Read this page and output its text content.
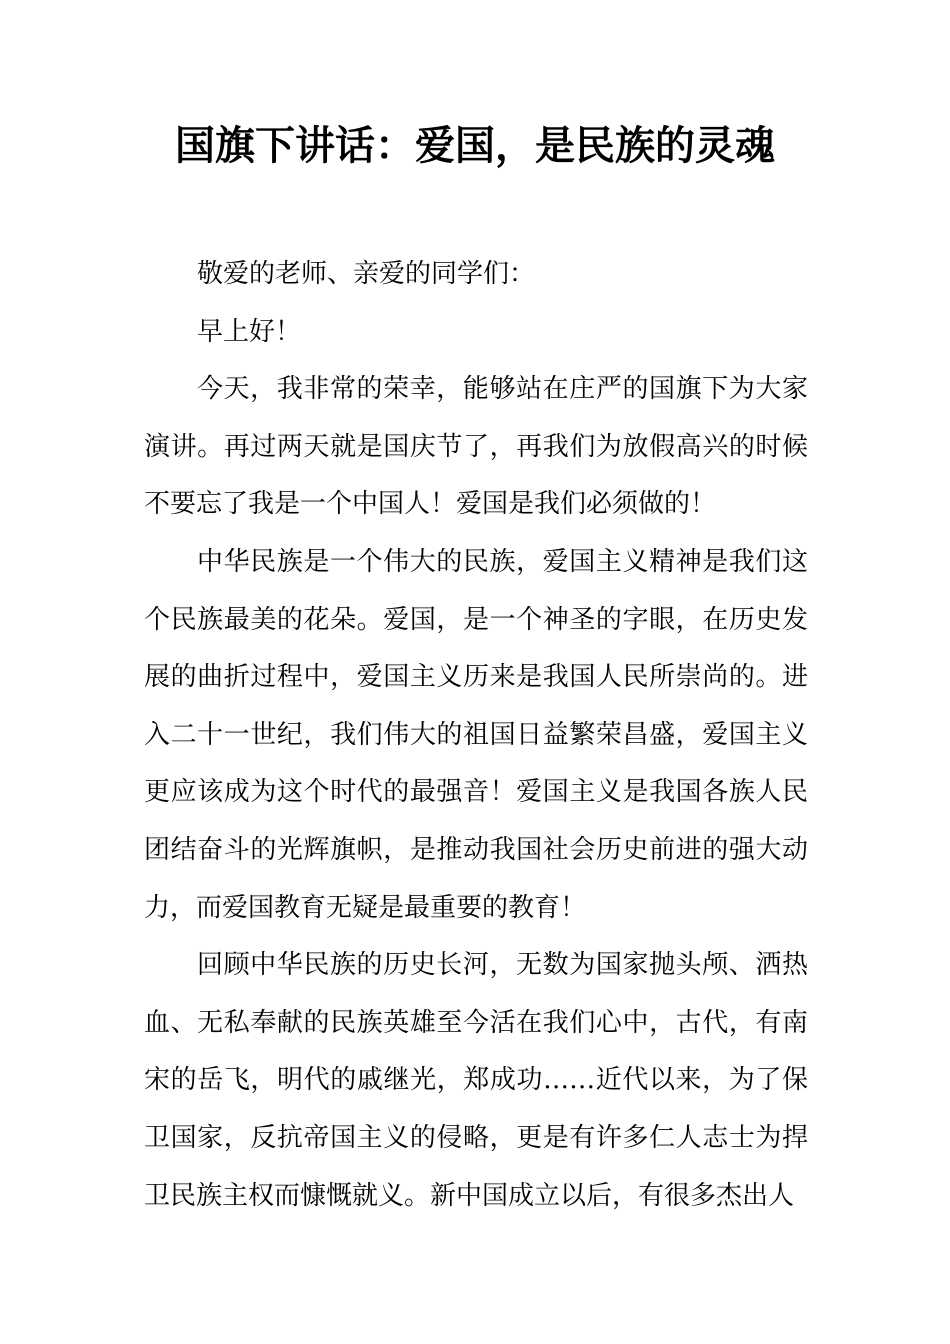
国旗下讲话：爱国，是民族的灵魂

敬爱的老师、亲爱的同学们：

早上好！

今天，我非常的荣幸，能够站在庄严的国旗下为大家演讲。再过两天就是国庆节了，再我们为放假高兴的时候不要忘了我是一个中国人！爱国是我们必须做的！

中华民族是一个伟大的民族，爱国主义精神是我们这个民族最美的花朵。爱国，是一个神圣的字眼，在历史发展的曲折过程中，爱国主义历来是我国人民所崇尚的。进入二十一世纪，我们伟大的祖国日益繁荣昌盛，爱国主义更应该成为这个时代的最强音！爱国主义是我国各族人民团结奋斗的光辉旗帜，是推动我国社会历史前进的强大动力，而爱国教育无疑是最重要的教育！

回顾中华民族的历史长河，无数为国家抛头颅、洒热血、无私奉献的民族英雄至今活在我们心中，古代，有南宋的岳飞，明代的戚继光，郑成功……近代以来，为了保卫国家，反抗帝国主义的侵略，更是有许多仁人志士为捍卫民族主权而慷慨就义。新中国成立以后，有很多杰出人
